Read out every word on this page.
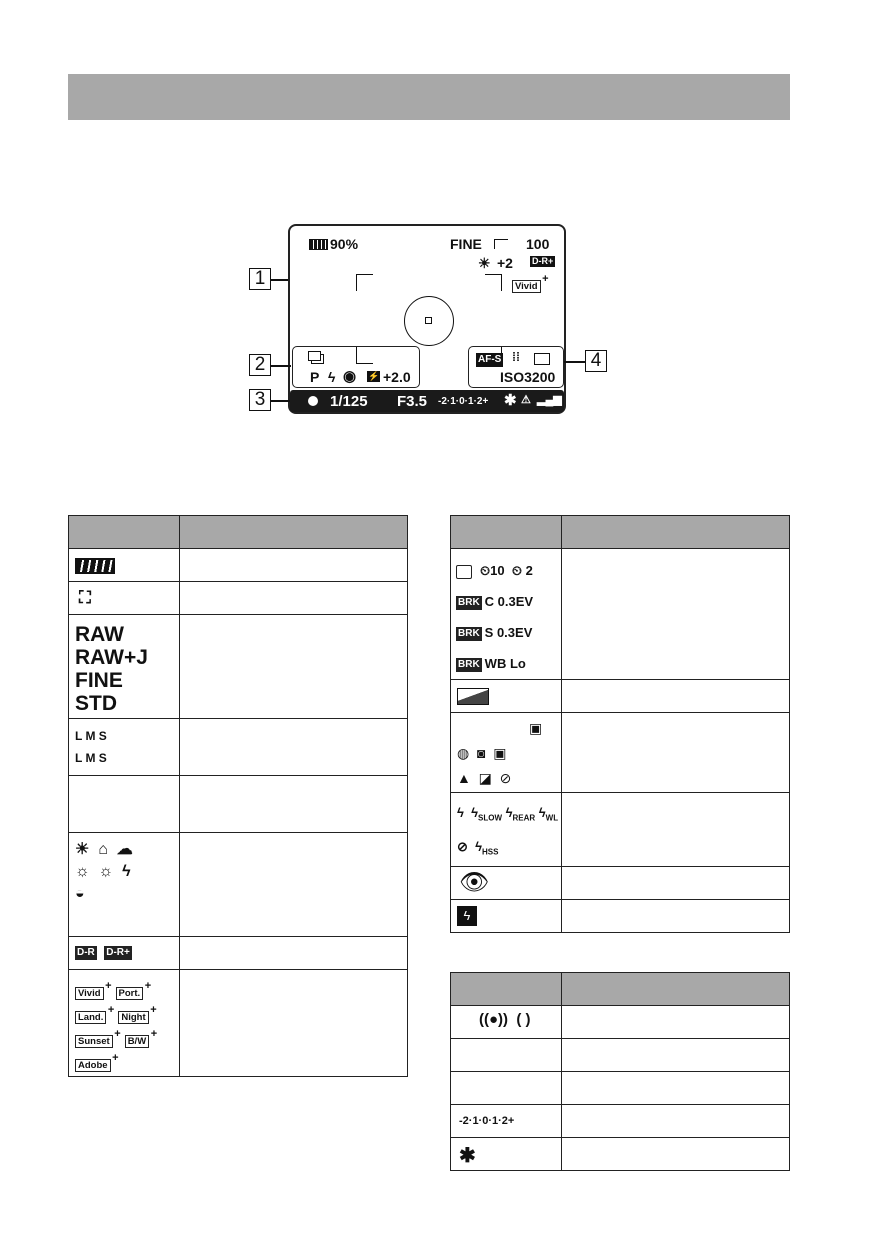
90%	FINE	100
☀ +2 D-R+
Vivid +
P ϟ ◉ ⚡ +2.0
AF-S ⁞⁞
ISO3200
1/125 F3.5 -2·1·0·1·2+ ✱ ⚠ ▂▄▆
1
2
3
4

⛶	

RAW
RAW+J
FINE
STD	

L M S
L M S	

☀  ⌂  ☁
☼  ☼  ϟ
◒	

D-R D-R+	

Vivid + Port. +
Land. + Night +
Sunset + B/W +
Adobe +

⏲10  ⏲ 2
BRK C 0.3EV
BRK S 0.3EV
BRK WB Lo	

▣
◍  ◙  ▣
▲  ◪  ⊘	

ϟ  $ϟ_{SLOW}$ $ϟ_{REAR}$ $ϟ_{WL}$
⊘  $ϟ_{HSS}$

👁	

ϟ	

((●))  ( )	

-2·1·0·1·2+	

✱	
